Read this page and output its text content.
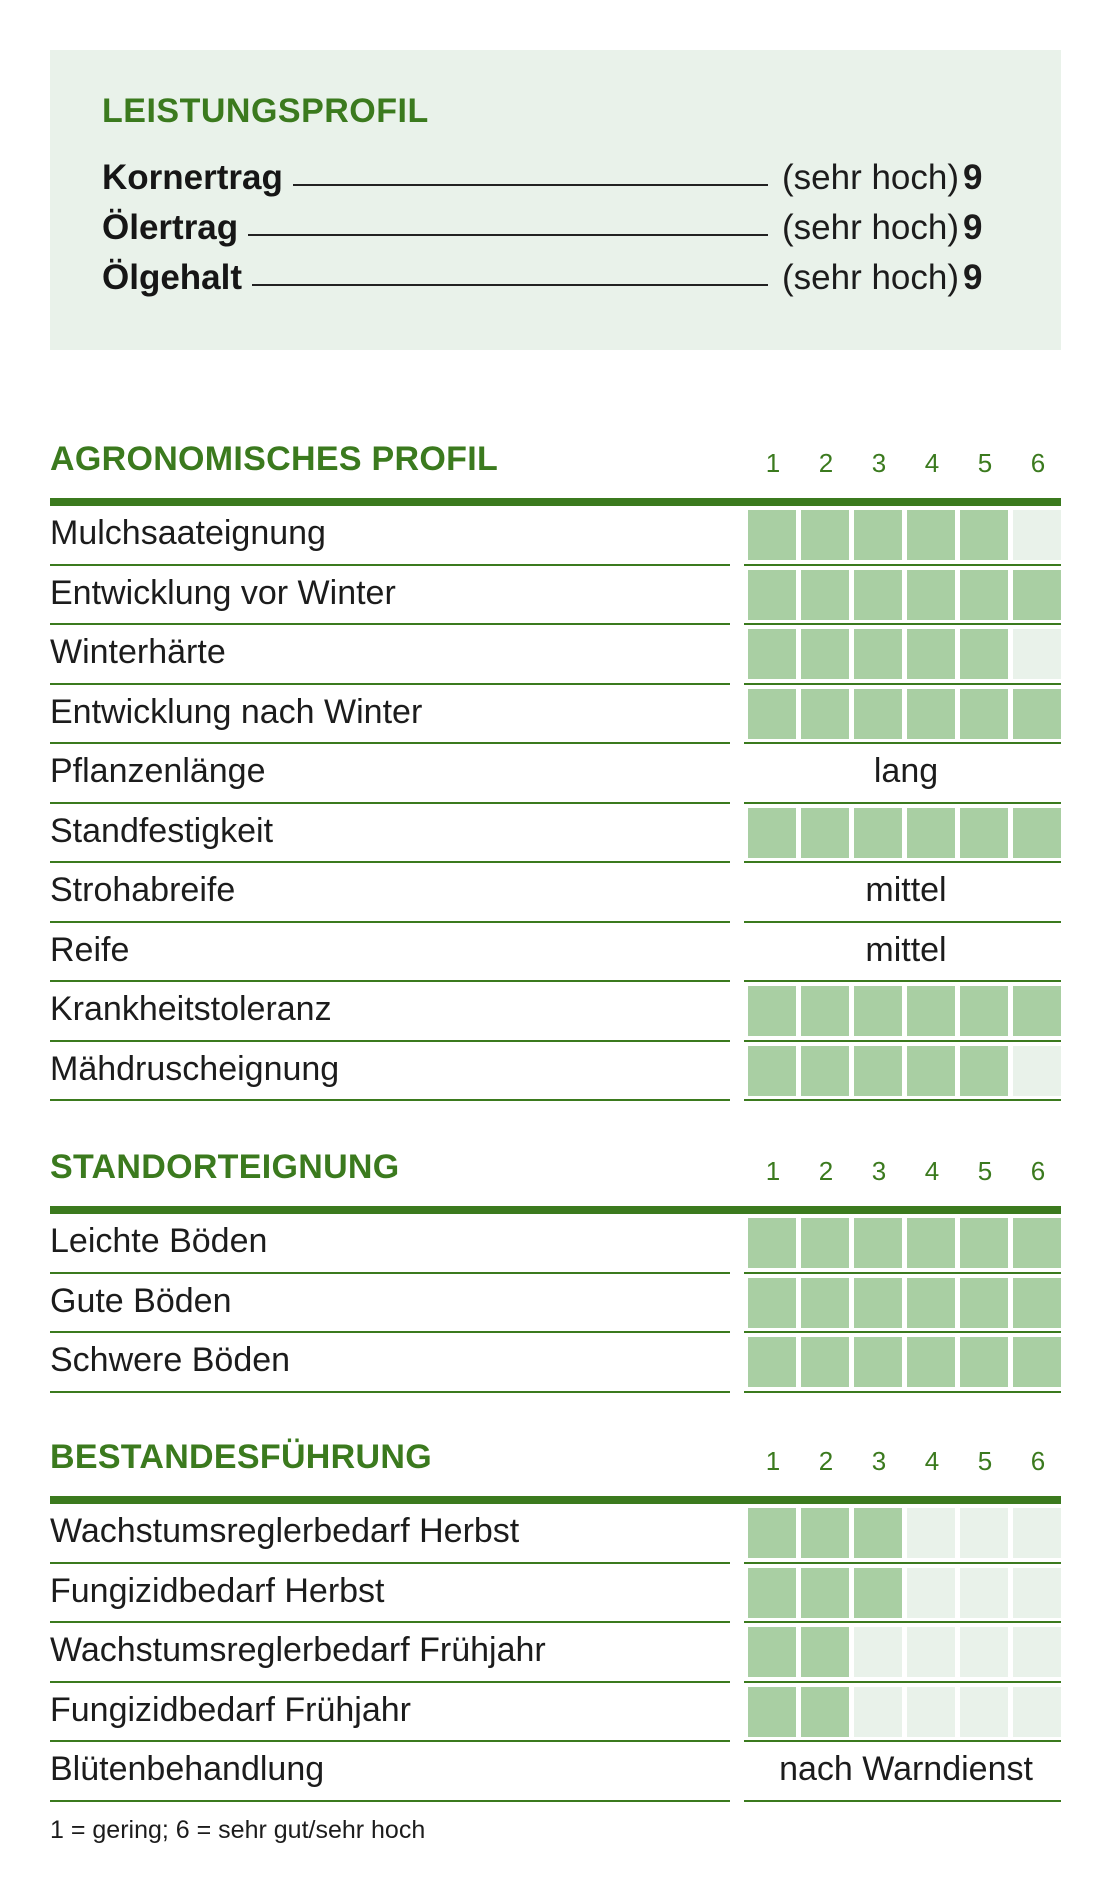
LEISTUNGSPROFIL
Kornertrag	(sehr hoch) 9
Ölertrag	(sehr hoch) 9
Ölgehalt	(sehr hoch) 9
AGRONOMISCHES PROFIL	1	2	3	4	5	6
Mulchsaateignung
Entwicklung vor Winter
Winterhärte
Entwicklung nach Winter
Pflanzenlänge	lang
Standfestigkeit
Strohabreife	mittel
Reife	mittel
Krankheitstoleranz
Mähdruscheignung
STANDORTEIGNUNG	1	2	3	4	5	6
Leichte Böden
Gute Böden
Schwere Böden
BESTANDESFÜHRUNG	1	2	3	4	5	6
Wachstumsreglerbedarf Herbst
Fungizidbedarf Herbst
Wachstumsreglerbedarf Frühjahr
Fungizidbedarf Frühjahr
Blütenbehandlung	nach Warndienst
1 = gering; 6 = sehr gut/sehr hoch
